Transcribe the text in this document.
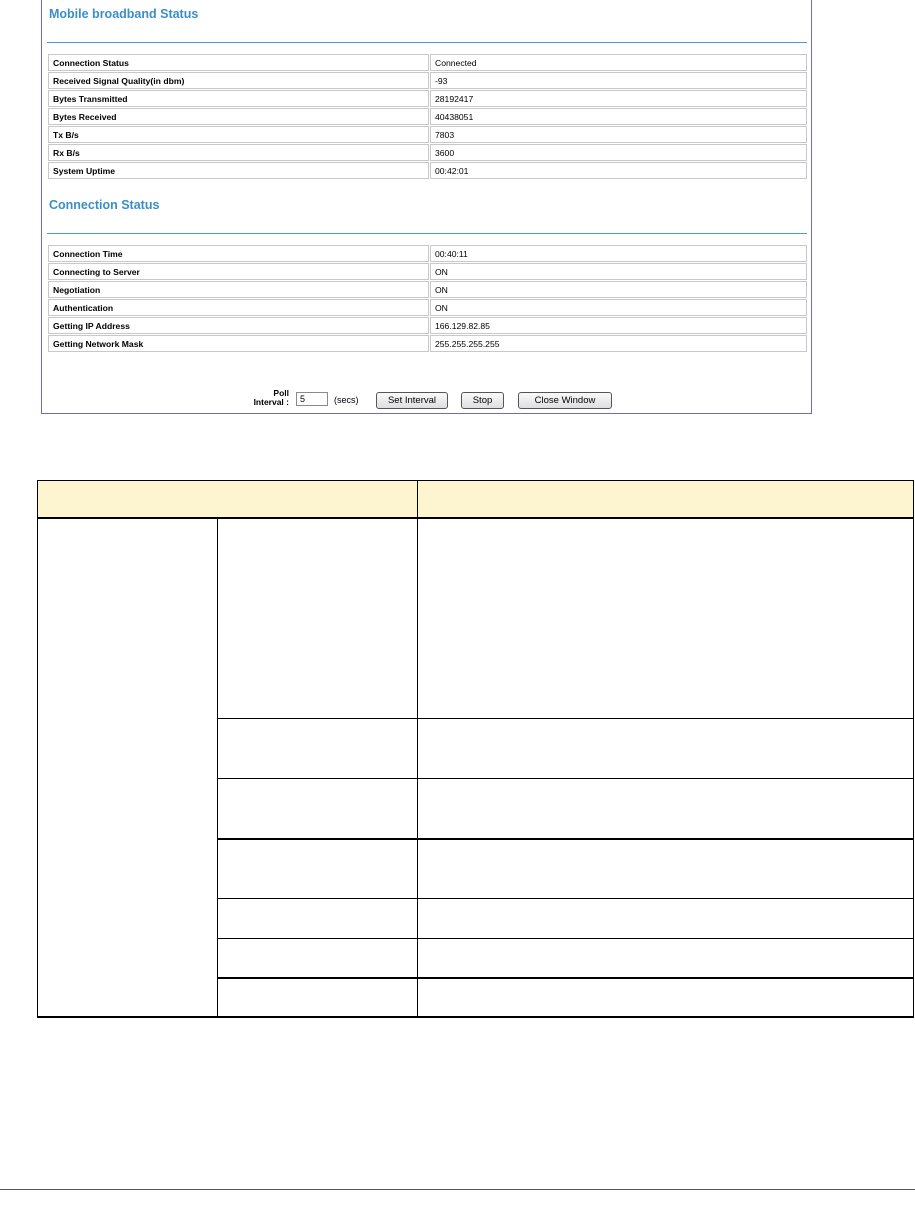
Mobile broadband Status
Connection Status	Connected
Received Signal Quality(in dbm)	-93
Bytes Transmitted	28192417
Bytes Received	40438051
Tx B/s	7803
Rx B/s	3600
System Uptime	00:42:01
Connection Status
Connection Time	00:40:11
Connecting to Server	ON
Negotiation	ON
Authentication	ON
Getting IP Address	166.129.82.85
Getting Network Mask	255.255.255.255
Poll
Interval :
5	(secs)	Set Interval	Stop	Close Window
